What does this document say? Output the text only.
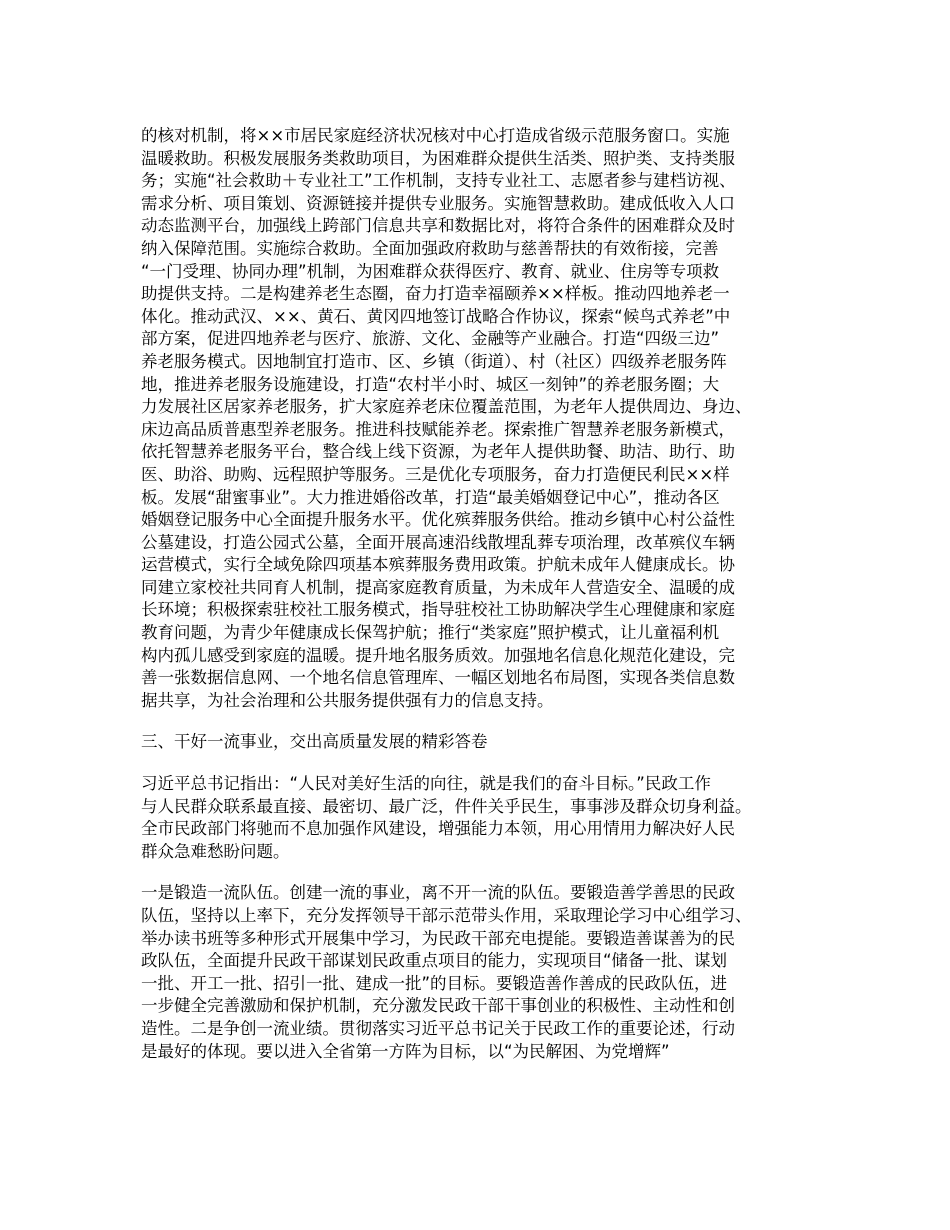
的核对机制，将××市居民家庭经济状况核对中心打造成省级示范服务窗口。实施
温暖救助。积极发展服务类救助项目，为困难群众提供生活类、照护类、支持类服
务；实施“社会救助＋专业社工”工作机制，支持专业社工、志愿者参与建档访视、
需求分析、项目策划、资源链接并提供专业服务。实施智慧救助。建成低收入人口
动态监测平台，加强线上跨部门信息共享和数据比对，将符合条件的困难群众及时
纳入保障范围。实施综合救助。全面加强政府救助与慈善帮扶的有效衔接，完善
“一门受理、协同办理”机制，为困难群众获得医疗、教育、就业、住房等专项救
助提供支持。二是构建养老生态圈，奋力打造幸福颐养××样板。推动四地养老一
体化。推动武汉、××、黄石、黄冈四地签订战略合作协议，探索“候鸟式养老”中
部方案，促进四地养老与医疗、旅游、文化、金融等产业融合。打造“四级三边”
养老服务模式。因地制宜打造市、区、乡镇（街道）、村（社区）四级养老服务阵
地，推进养老服务设施建设，打造“农村半小时、城区一刻钟”的养老服务圈；大
力发展社区居家养老服务，扩大家庭养老床位覆盖范围，为老年人提供周边、身边、
床边高品质普惠型养老服务。推进科技赋能养老。探索推广智慧养老服务新模式，
依托智慧养老服务平台，整合线上线下资源，为老年人提供助餐、助洁、助行、助
医、助浴、助购、远程照护等服务。三是优化专项服务，奋力打造便民利民××样
板。发展“甜蜜事业”。大力推进婚俗改革，打造“最美婚姻登记中心”，推动各区
婚姻登记服务中心全面提升服务水平。优化殡葬服务供给。推动乡镇中心村公益性
公墓建设，打造公园式公墓，全面开展高速沿线散埋乱葬专项治理，改革殡仪车辆
运营模式，实行全域免除四项基本殡葬服务费用政策。护航未成年人健康成长。协
同建立家校社共同育人机制，提高家庭教育质量，为未成年人营造安全、温暖的成
长环境；积极探索驻校社工服务模式，指导驻校社工协助解决学生心理健康和家庭
教育问题，为青少年健康成长保驾护航；推行“类家庭”照护模式，让儿童福利机
构内孤儿感受到家庭的温暖。提升地名服务质效。加强地名信息化规范化建设，完
善一张数据信息网、一个地名信息管理库、一幅区划地名布局图，实现各类信息数
据共享，为社会治理和公共服务提供强有力的信息支持。
三、干好一流事业，交出高质量发展的精彩答卷
习近平总书记指出：“人民对美好生活的向往，就是我们的奋斗目标。”民政工作
与人民群众联系最直接、最密切、最广泛，件件关乎民生，事事涉及群众切身利益。
全市民政部门将驰而不息加强作风建设，增强能力本领，用心用情用力解决好人民
群众急难愁盼问题。
一是锻造一流队伍。创建一流的事业，离不开一流的队伍。要锻造善学善思的民政
队伍，坚持以上率下，充分发挥领导干部示范带头作用，采取理论学习中心组学习、
举办读书班等多种形式开展集中学习，为民政干部充电提能。要锻造善谋善为的民
政队伍，全面提升民政干部谋划民政重点项目的能力，实现项目“储备一批、谋划
一批、开工一批、招引一批、建成一批”的目标。要锻造善作善成的民政队伍，进
一步健全完善激励和保护机制，充分激发民政干部干事创业的积极性、主动性和创
造性。二是争创一流业绩。贯彻落实习近平总书记关于民政工作的重要论述，行动
是最好的体现。要以进入全省第一方阵为目标，以“为民解困、为党增辉”
